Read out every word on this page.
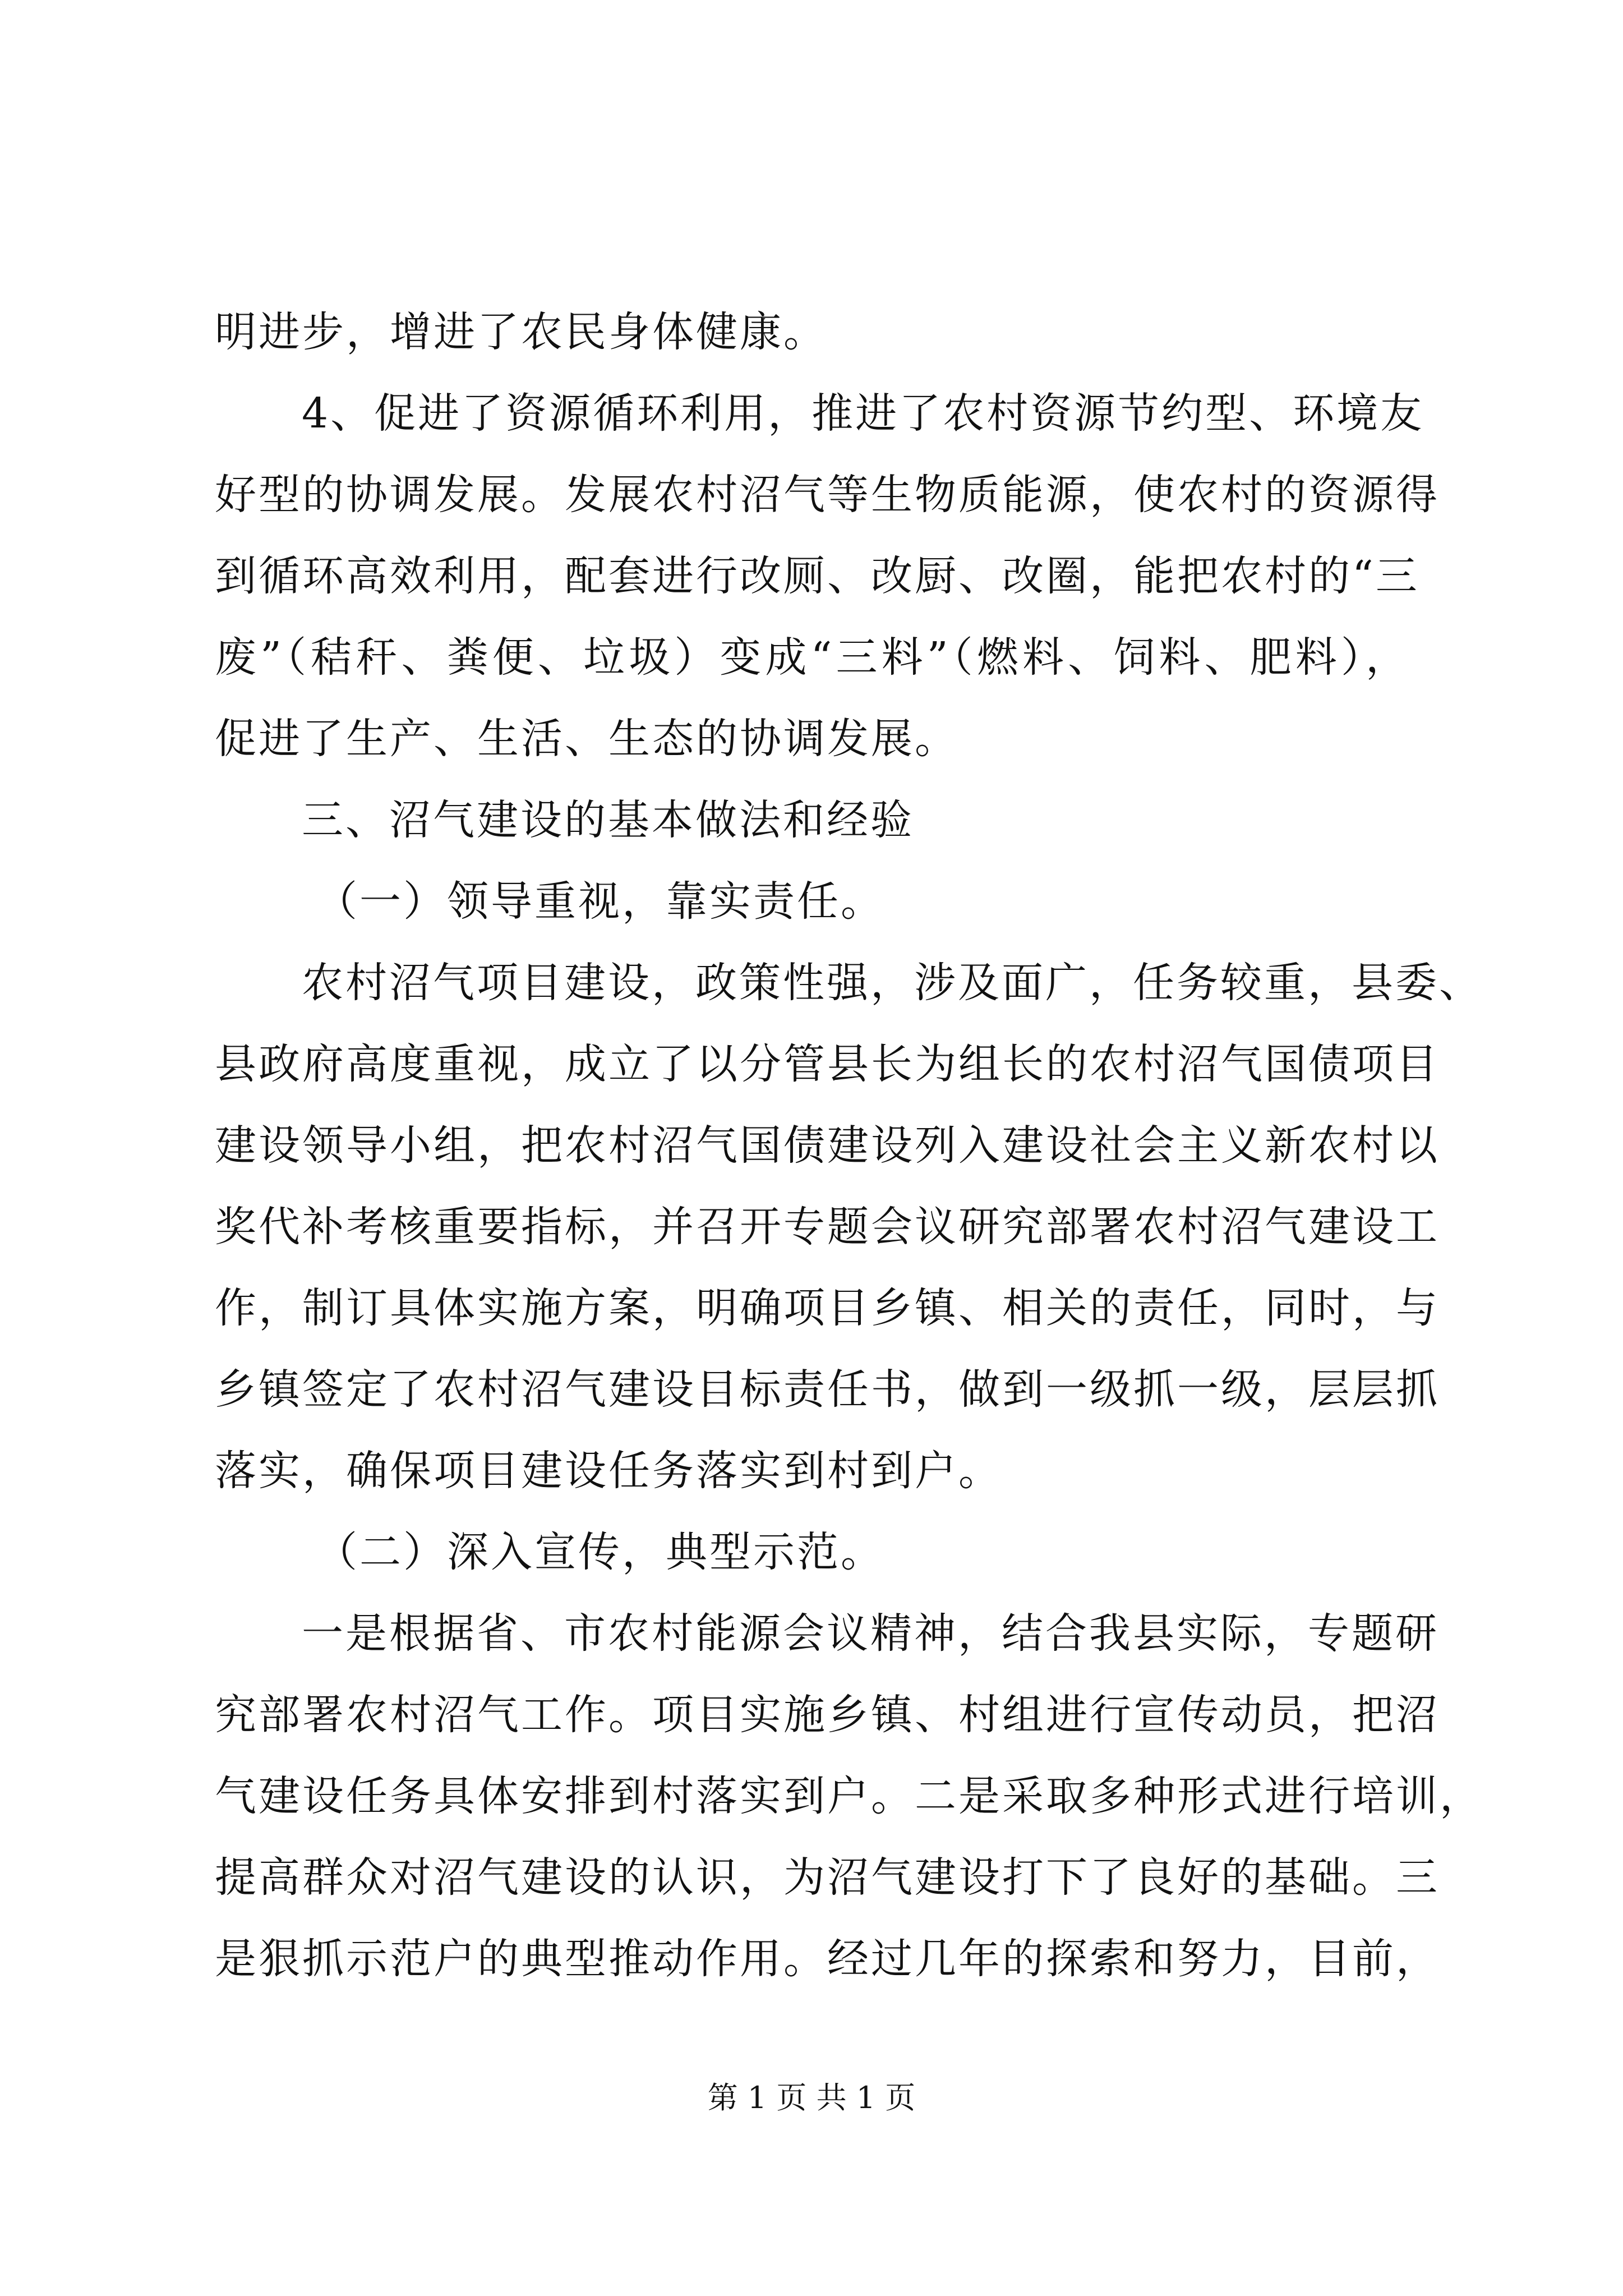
明进步，增进了农民身体健康。
4、促进了资源循环利用，推进了农村资源节约型、环境友
好型的协调发展。发展农村沼气等生物质能源，使农村的资源得
到循环高效利用，配套进行改厕、改厨、改圈，能把农村的“三
废”（秸秆、粪便、垃圾）变成“三料”（燃料、饲料、肥料），
促进了生产、生活、生态的协调发展。
三、沼气建设的基本做法和经验
（一）领导重视，靠实责任。
农村沼气项目建设，政策性强，涉及面广，任务较重，县委、
县政府高度重视，成立了以分管县长为组长的农村沼气国债项目
建设领导小组，把农村沼气国债建设列入建设社会主义新农村以
奖代补考核重要指标，并召开专题会议研究部署农村沼气建设工
作，制订具体实施方案，明确项目乡镇、相关的责任，同时，与
乡镇签定了农村沼气建设目标责任书，做到一级抓一级，层层抓
落实，确保项目建设任务落实到村到户。
（二）深入宣传，典型示范。
一是根据省、市农村能源会议精神，结合我县实际，专题研
究部署农村沼气工作。项目实施乡镇、村组进行宣传动员，把沼
气建设任务具体安排到村落实到户。二是采取多种形式进行培训，
提高群众对沼气建设的认识，为沼气建设打下了良好的基础。三
是狠抓示范户的典型推动作用。经过几年的探索和努力，目前，
第 1 页 共 1 页
